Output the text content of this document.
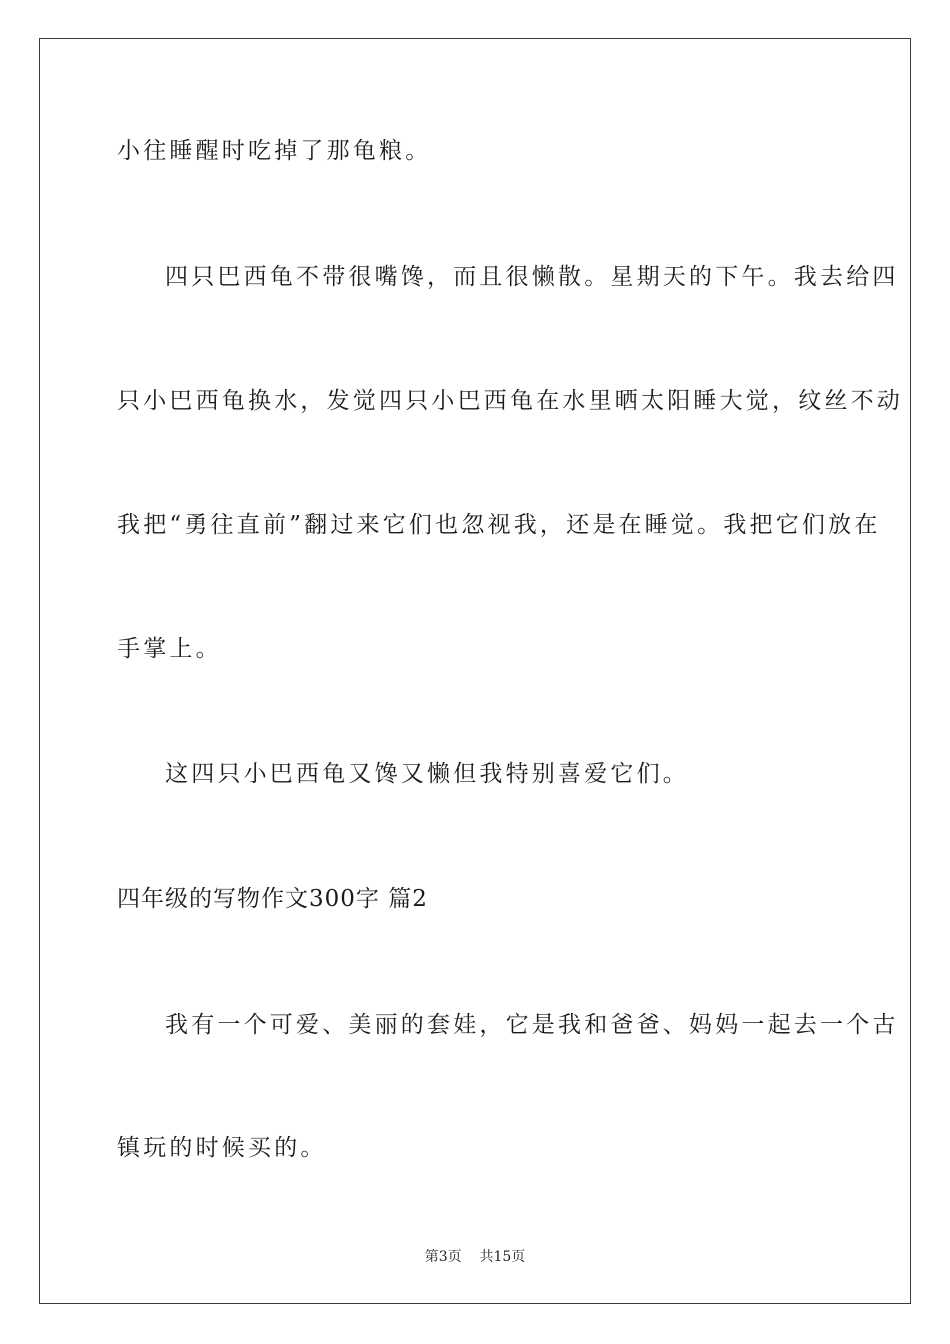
小往睡醒时吃掉了那龟粮。
四只巴西龟不带很嘴馋，而且很懒散。星期天的下午。我去给四
只小巴西龟换水，发觉四只小巴西龟在水里晒太阳睡大觉，纹丝不动
我把“勇往直前”翻过来它们也忽视我，还是在睡觉。我把它们放在
手掌上。
这四只小巴西龟又馋又懒但我特别喜爱它们。
四年级的写物作文300字 篇2
我有一个可爱、美丽的套娃，它是我和爸爸、妈妈一起去一个古
镇玩的时候买的。
第3页 共15页
